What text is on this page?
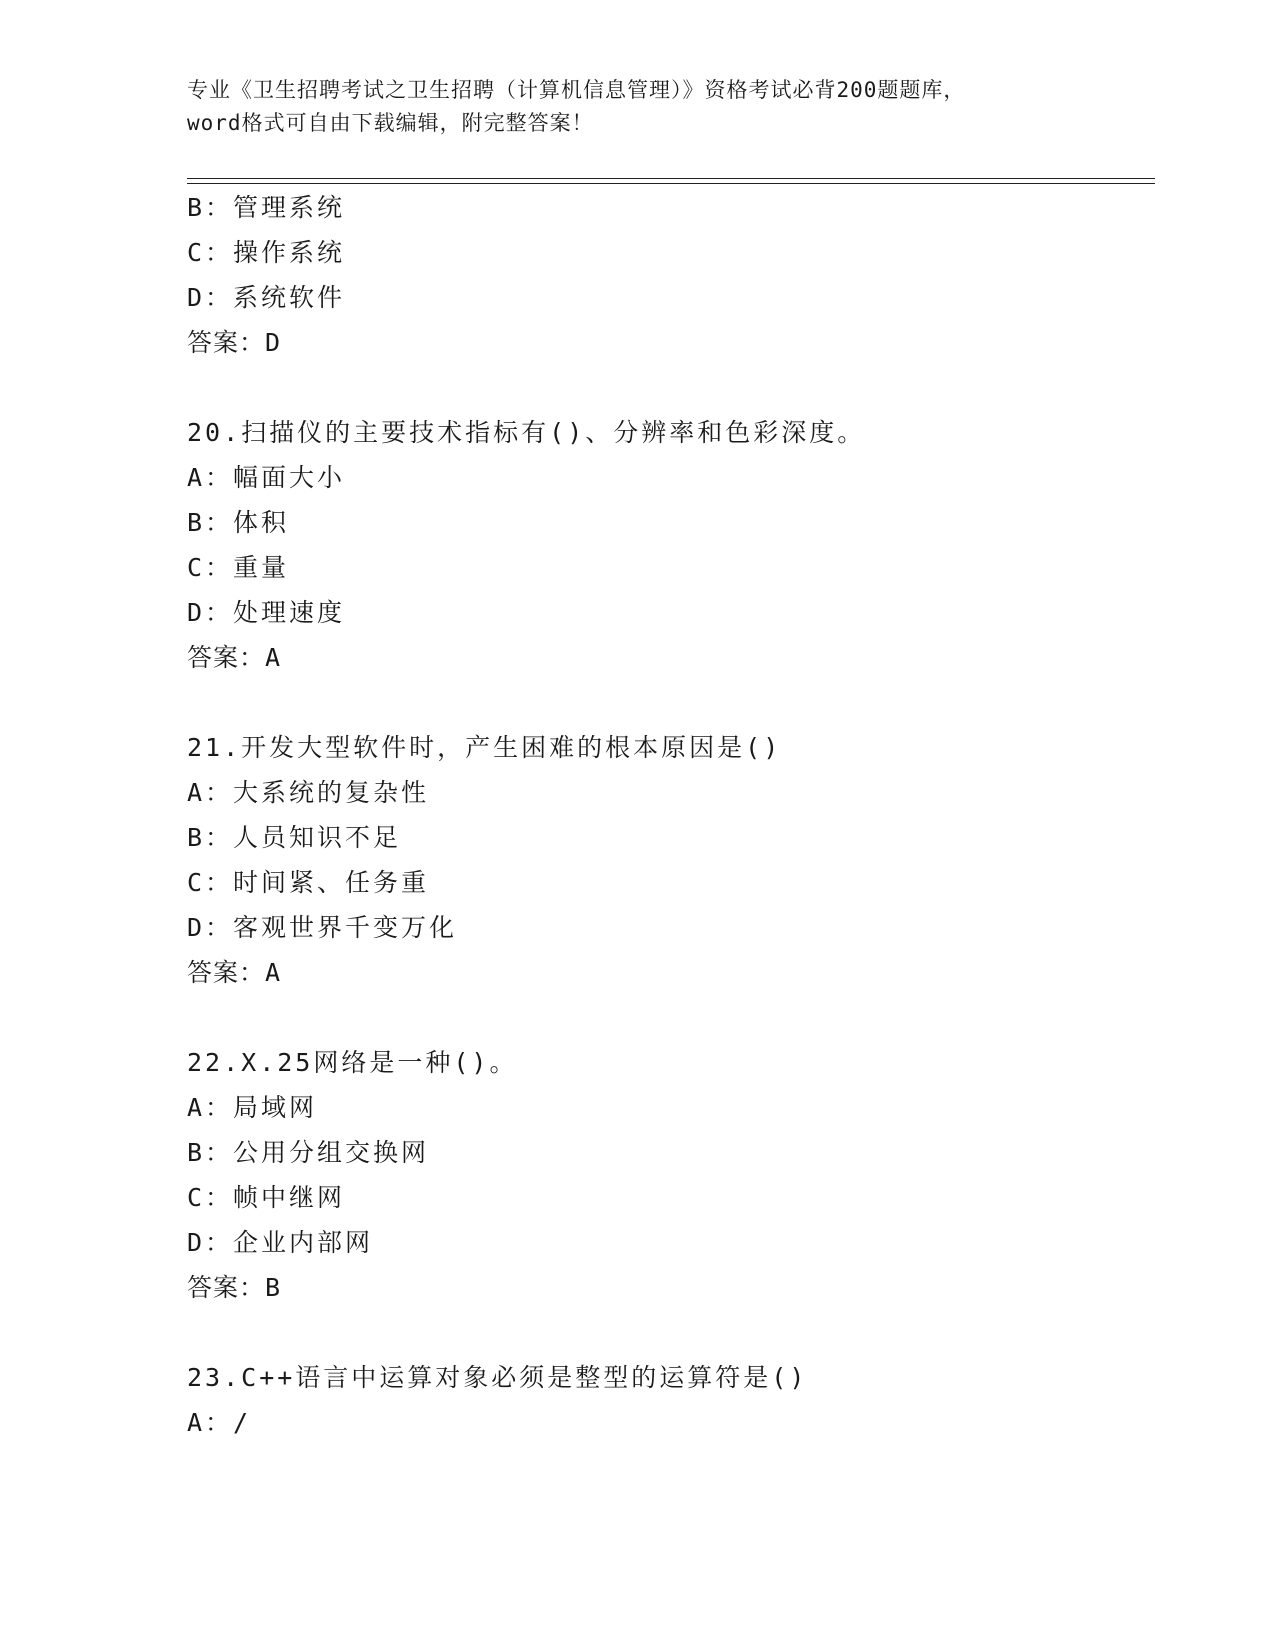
专业《卫生招聘考试之卫生招聘（计算机信息管理）》资格考试必背200题题库，
word格式可自由下载编辑，附完整答案！
B：管理系统
C：操作系统
D：系统软件
答案：D
20.扫描仪的主要技术指标有()、分辨率和色彩深度。
A：幅面大小
B：体积
C：重量
D：处理速度
答案：A
21.开发大型软件时，产生困难的根本原因是()
A：大系统的复杂性
B：人员知识不足
C：时间紧、任务重
D：客观世界千变万化
答案：A
22.X.25网络是一种()。
A：局域网
B：公用分组交换网
C：帧中继网
D：企业内部网
答案：B
23.C++语言中运算对象必须是整型的运算符是()
A：/
